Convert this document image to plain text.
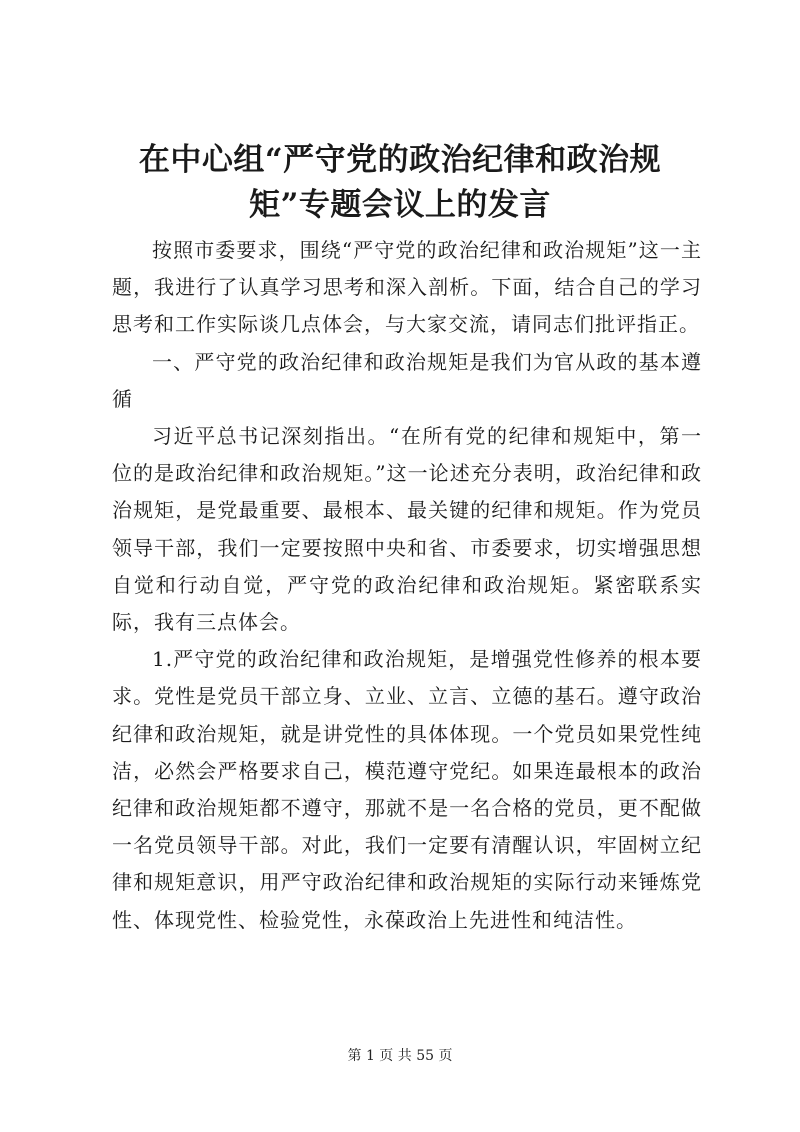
在中心组“严守党的政治纪律和政治规矩”专题会议上的发言

按照市委要求，围绕“严守党的政治纪律和政治规矩”这一主题，我进行了认真学习思考和深入剖析。下面，结合自己的学习思考和工作实际谈几点体会，与大家交流，请同志们批评指正。

一、严守党的政治纪律和政治规矩是我们为官从政的基本遵循

习近平总书记深刻指出。“在所有党的纪律和规矩中，第一位的是政治纪律和政治规矩。”这一论述充分表明，政治纪律和政治规矩，是党最重要、最根本、最关键的纪律和规矩。作为党员领导干部，我们一定要按照中央和省、市委要求，切实增强思想自觉和行动自觉，严守党的政治纪律和政治规矩。紧密联系实际，我有三点体会。

1.严守党的政治纪律和政治规矩，是增强党性修养的根本要求。党性是党员干部立身、立业、立言、立德的基石。遵守政治纪律和政治规矩，就是讲党性的具体体现。一个党员如果党性纯洁，必然会严格要求自己，模范遵守党纪。如果连最根本的政治纪律和政治规矩都不遵守，那就不是一名合格的党员，更不配做一名党员领导干部。对此，我们一定要有清醒认识，牢固树立纪律和规矩意识，用严守政治纪律和政治规矩的实际行动来锤炼党性、体现党性、检验党性，永葆政治上先进性和纯洁性。

第 1 页 共 55 页
